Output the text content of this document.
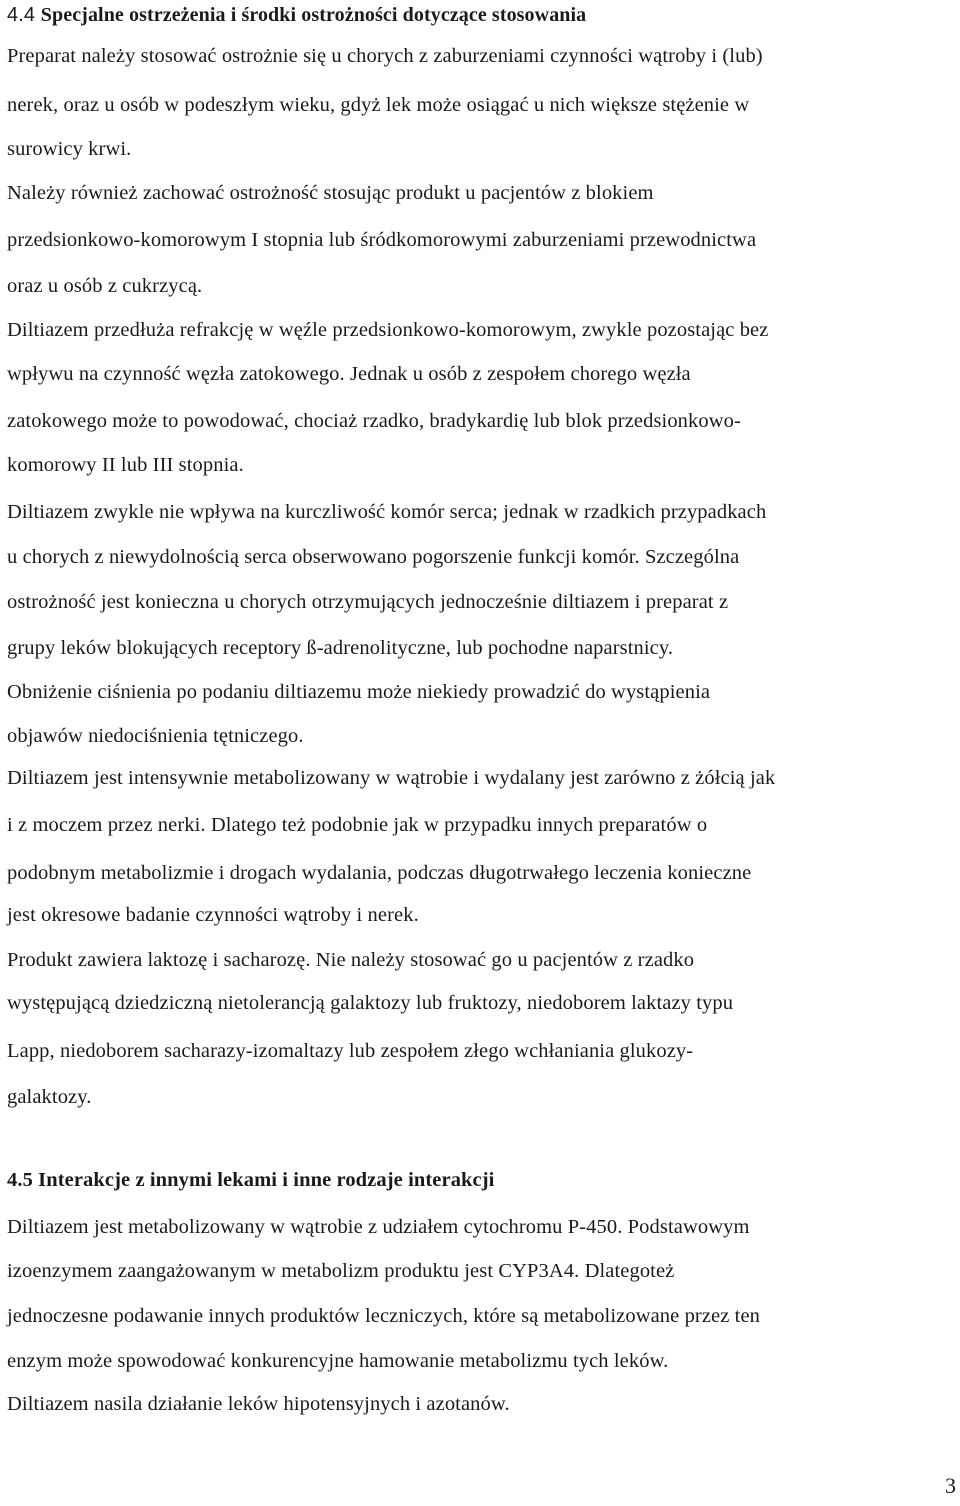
4.4 Specjalne ostrzeżenia i środki ostrożności dotyczące stosowania
Preparat należy stosować ostrożnie się u chorych z zaburzeniami czynności wątroby i (lub)
nerek, oraz u osób w podeszłym wieku, gdyż lek może osiągać u nich większe stężenie w
surowicy krwi.
Należy również zachować ostrożność stosując produkt u pacjentów z blokiem
przedsionkowo-komorowym I stopnia lub śródkomorowymi zaburzeniami przewodnictwa
oraz u osób z cukrzycą.
Diltiazem przedłuża refrakcję w węźle przedsionkowo-komorowym, zwykle pozostając bez
wpływu na czynność węzła zatokowego. Jednak u osób z zespołem chorego węzła
zatokowego może to powodować, chociaż rzadko, bradykardię lub blok przedsionkowo-
komorowy II lub III stopnia.
Diltiazem zwykle nie wpływa na kurczliwość komór serca; jednak w rzadkich przypadkach
u chorych z niewydolnością serca obserwowano pogorszenie funkcji komór. Szczególna
ostrożność jest konieczna u chorych otrzymujących jednocześnie diltiazem i preparat z
grupy leków blokujących receptory ß-adrenolityczne, lub pochodne naparstnicy.
Obniżenie ciśnienia po podaniu diltiazemu może niekiedy prowadzić do wystąpienia
objawów niedociśnienia tętniczego.
Diltiazem jest intensywnie metabolizowany w wątrobie i wydalany jest zarówno z żółcią jak
i z moczem przez nerki. Dlatego też podobnie jak w przypadku innych preparatów o
podobnym metabolizmie i drogach wydalania, podczas długotrwałego leczenia konieczne
jest okresowe badanie czynności wątroby i nerek.
Produkt zawiera laktozę i sacharozę. Nie należy stosować go u pacjentów z rzadko
występującą dziedziczną nietolerancją galaktozy lub fruktozy, niedoborem laktazy typu
Lapp, niedoborem sacharazy-izomaltazy lub zespołem złego wchłaniania glukozy-
galaktozy.
4.5 Interakcje z innymi lekami i inne rodzaje interakcji
Diltiazem jest metabolizowany w wątrobie z udziałem cytochromu P-450. Podstawowym
izoenzymem zaangażowanym w metabolizm produktu jest CYP3A4. Dlategoteż
jednoczesne podawanie innych produktów leczniczych, które są metabolizowane przez ten
enzym może spowodować konkurencyjne hamowanie metabolizmu tych leków.
Diltiazem nasila działanie leków hipotensyjnych i azotanów.
3
